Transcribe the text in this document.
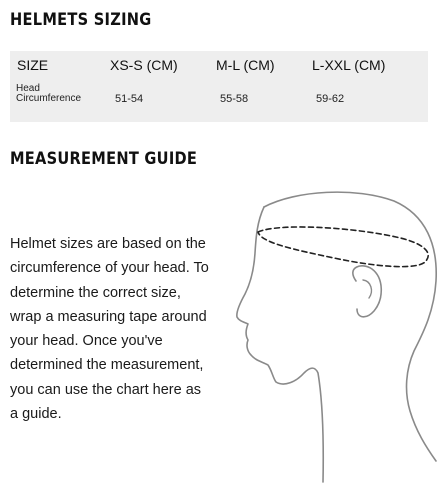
HELMETS SIZING
SIZE	XS-S (CM)	M-L (CM)	L-XXL (CM)
Head
Circumference	51-54	55-58	59-62
MEASUREMENT GUIDE

Helmet sizes are based on the circumference of your head. To determine the correct size, wrap a measuring tape around your head. Once you've determined the measurement, you can use the chart here as a guide.
